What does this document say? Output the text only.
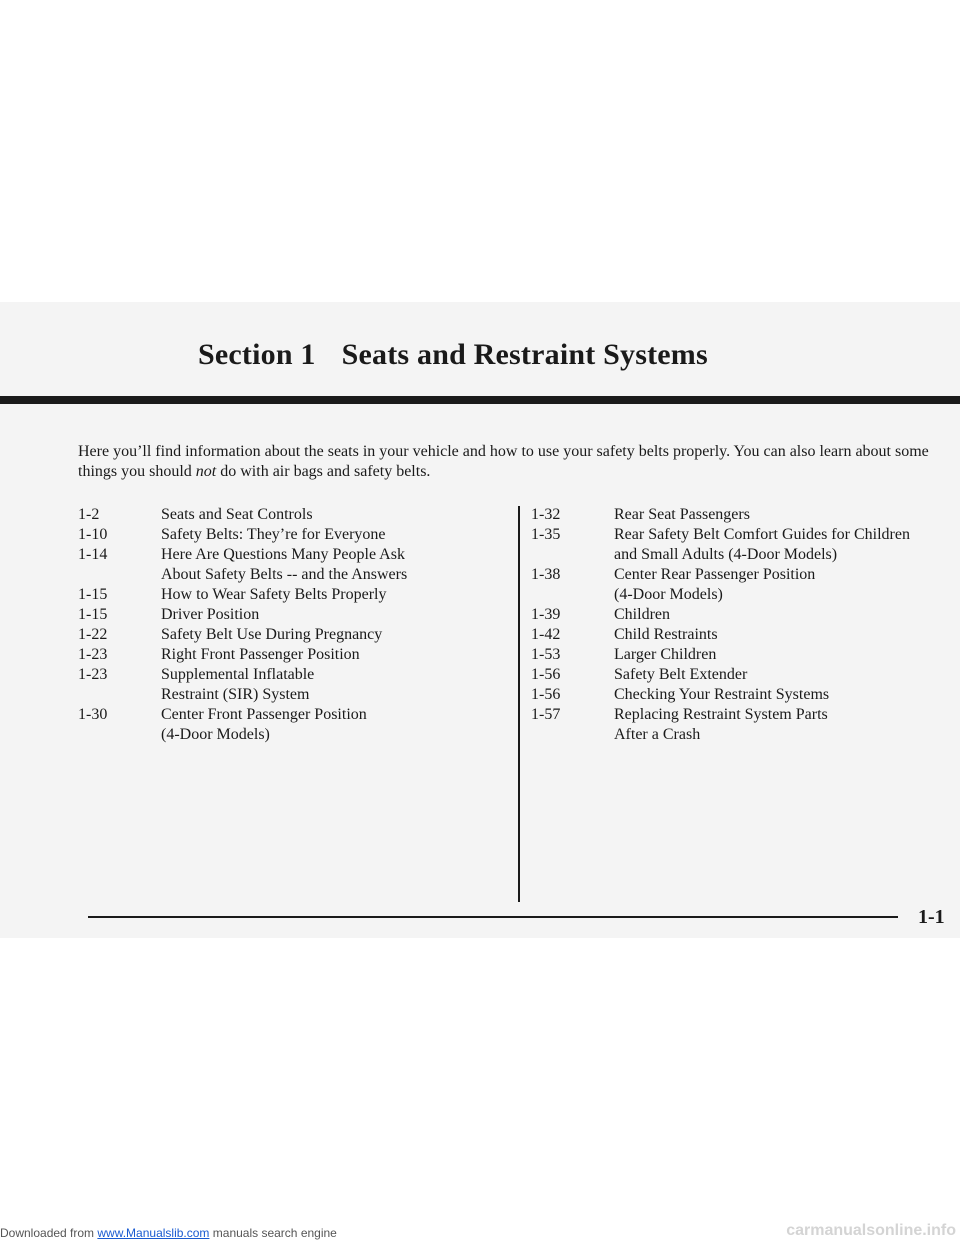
Section 1 Seats and Restraint Systems

Here you’ll find information about the seats in your vehicle and how to use your safety belts properly. You can also learn about some things you should not do with air bags and safety belts.

1-2	Seats and Seat Controls
1-10	Safety Belts: They’re for Everyone
1-14	Here Are Questions Many People Ask
About Safety Belts -- and the Answers
1-15	How to Wear Safety Belts Properly
1-15	Driver Position
1-22	Safety Belt Use During Pregnancy
1-23	Right Front Passenger Position
1-23	Supplemental Inflatable
Restraint (SIR) System
1-30	Center Front Passenger Position
(4-Door Models)
1-32	Rear Seat Passengers
1-35	Rear Safety Belt Comfort Guides for Children
and Small Adults (4-Door Models)
1-38	Center Rear Passenger Position
(4-Door Models)
1-39	Children
1-42	Child Restraints
1-53	Larger Children
1-56	Safety Belt Extender
1-56	Checking Your Restraint Systems
1-57	Replacing Restraint System Parts
After a Crash
1-1
Downloaded from www.Manualslib.com manuals search engine	carmanualsonline.info
